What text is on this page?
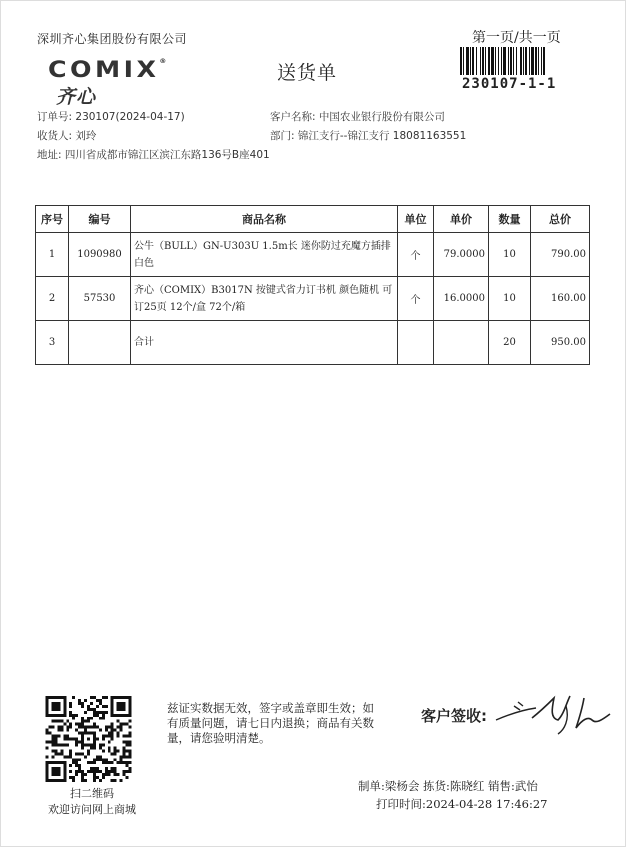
深圳齐心集团股份有限公司	第一页/共一页
COMIX®
齐心
送货单	230107-1-1
订单号: 230107(2024-04-17)
收货人: 刘玲
客户名称: 中国农业银行股份有限公司
部门: 锦江支行--锦江支行 18081163551
地址: 四川省成都市锦江区滨江东路136号B座401
序号	编号	商品名称	单位	单价	数量	总价
1	1090980	公牛（BULL）GN-U303U 1.5m长 迷你防过充魔方插排 白色	个	79.0000	10	790.00
2	57530	齐心（COMIX）B3017N 按键式省力订书机 颜色随机 可订25页 12个/盒 72个/箱	个	16.0000	10	160.00
3		合计			20	950.00
扫二维码
欢迎访问网上商城
兹证实数据无效，签字或盖章即生效；如有质量问题，请七日内退换；商品有关数量，请您验明清楚。
客户签收:
制单:梁杨会 拣货:陈晓红 销售:武怡
打印时间:2024-04-28 17:46:27
